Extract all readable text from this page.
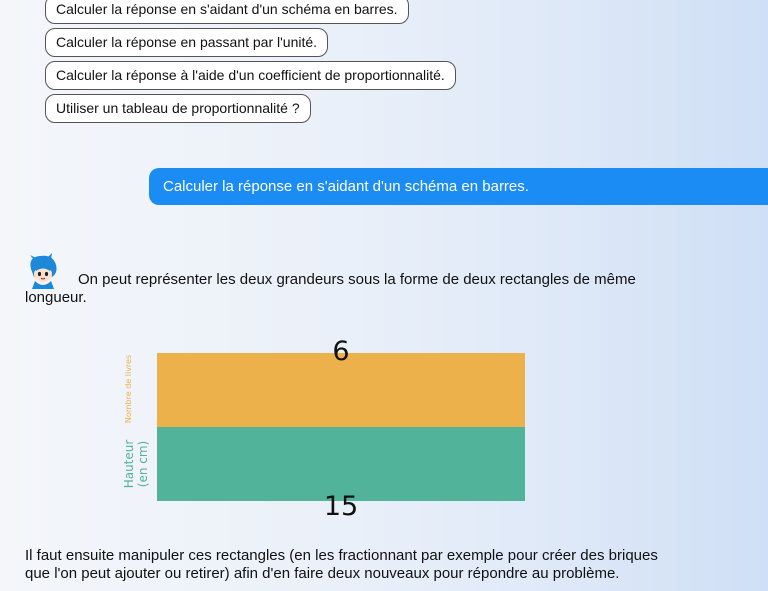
Calculer la réponse en s'aidant d'un schéma en barres.
Calculer la réponse en passant par l'unité.
Calculer la réponse à l'aide d'un coefficient de proportionnalité.
Utiliser un tableau de proportionnalité ?
Calculer la réponse en s'aidant d'un schéma en barres.
On peut représenter les deux grandeurs sous la forme de deux rectangles de même longueur.
6
15
Nombre de livres
Hauteur (en cm)
Il faut ensuite manipuler ces rectangles (en les fractionnant par exemple pour créer des briques que l'on peut ajouter ou retirer) afin d'en faire deux nouveaux pour répondre au problème.
